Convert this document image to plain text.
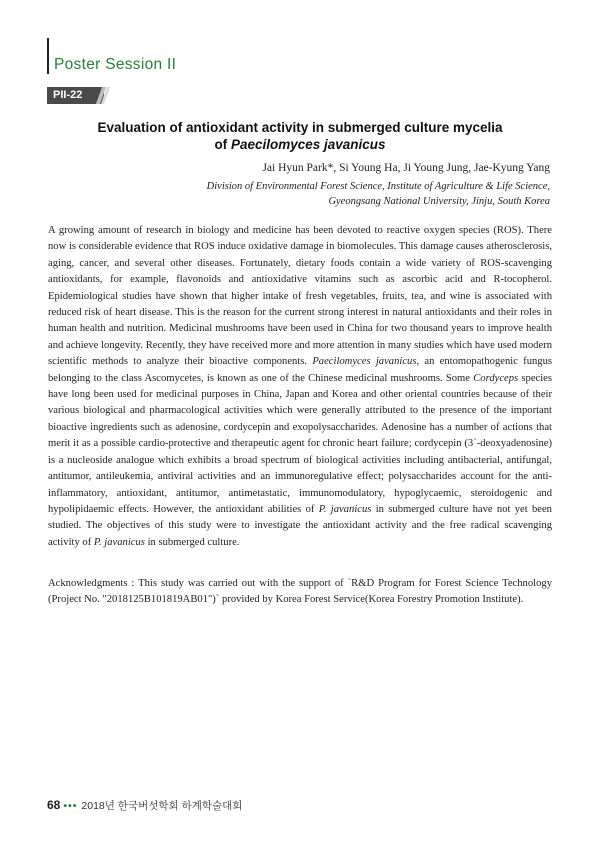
Poster Session II
PII-22
Evaluation of antioxidant activity in submerged culture mycelia
of Paecilomyces javanicus
Jai Hyun Park*, Si Young Ha, Ji Young Jung, Jae-Kyung Yang
Division of Environmental Forest Science, Institute of Agriculture & Life Science,
Gyeongsang National University, Jinju, South Korea

A growing amount of research in biology and medicine has been devoted to reactive oxygen species (ROS). There now is considerable evidence that ROS induce oxidative damage in biomolecules. This damage causes atherosclerosis, aging, cancer, and several other diseases. Fortunately, dietary foods contain a wide variety of ROS-scavenging antioxidants, for example, flavonoids and antioxidative vitamins such as ascorbic acid and R-tocopherol. Epidemiological studies have shown that higher intake of fresh vegetables, fruits, tea, and wine is associated with reduced risk of heart disease. This is the reason for the current strong interest in natural antioxidants and their roles in human health and nutrition. Medicinal mushrooms have been used in China for two thousand years to improve health and achieve longevity. Recently, they have received more and more attention in many studies which have used modern scientific methods to analyze their bioactive components. Paecilomyces javanicus, an entomopathogenic fungus belonging to the class Ascomycetes, is known as one of the Chinese medicinal mushrooms. Some Cordyceps species have long been used for medicinal purposes in China, Japan and Korea and other oriental countries because of their various biological and pharmacological activities which were generally attributed to the presence of the important bioactive ingredients such as adenosine, cordycepin and exopolysaccharides. Adenosine has a number of actions that merit it as a possible cardio-protective and therapeutic agent for chronic heart failure; cordycepin (3`-deoxyadenosine) is a nucleoside analogue which exhibits a broad spectrum of biological activities including antibacterial, antifungal, antitumor, antileukemia, antiviral activities and an immunoregulative effect; polysaccharides account for the anti-inflammatory, antioxidant, antitumor, antimetastatic, immunomodulatory, hypoglycaemic, steroidogenic and hypolipidaemic effects. However, the antioxidant abilities of P. javanicus in submerged culture have not yet been studied. The objectives of this study were to investigate the antioxidant activity and the free radical scavenging activity of P. javanicus in submerged culture.

Acknowledgments : This study was carried out with the support of `R&D Program for Forest Science Technology (Project No. "2018125B101819AB01")` provided by Korea Forest Service(Korea Forestry Promotion Institute).

68 ••• 2018년 한국버섯학회 하계학술대회
